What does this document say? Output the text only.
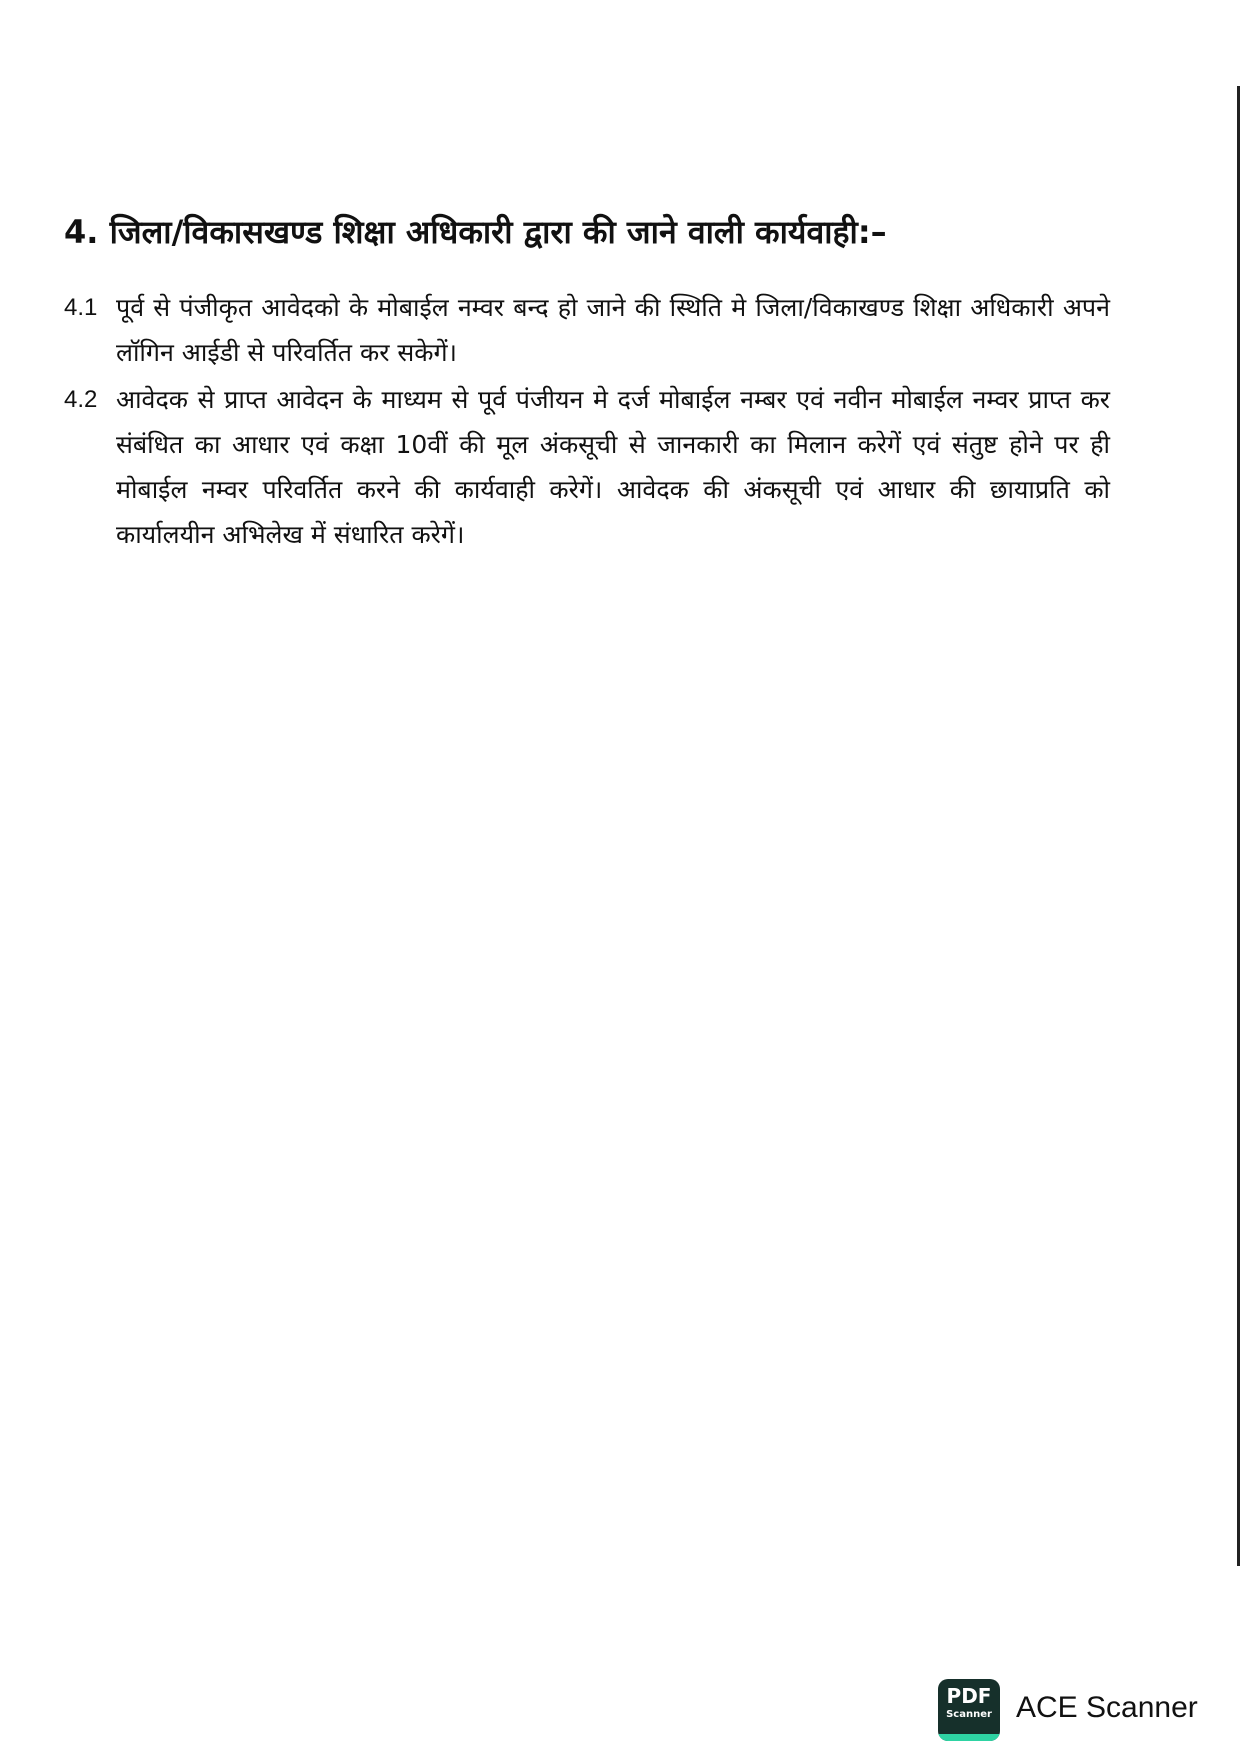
4. जिला/विकासखण्ड शिक्षा अधिकारी द्वारा की जाने वाली कार्यवाही:–
4.1 पूर्व से पंजीकृत आवेदको के मोबाईल नम्वर बन्द हो जाने की स्थिति मे जिला/विकाखण्ड शिक्षा अधिकारी अपने लॉगिन आईडी से परिवर्तित कर सकेगें।
4.2 आवेदक से प्राप्त आवेदन के माध्यम से पूर्व पंजीयन मे दर्ज मोबाईल नम्बर एवं नवीन मोबाईल नम्वर प्राप्त कर संबंधित का आधार एवं कक्षा 10वीं की मूल अंकसूची से जानकारी का मिलान करेगें एवं संतुष्ट होने पर ही मोबाईल नम्वर परिवर्तित करने की कार्यवाही करेगें। आवेदक की अंकसूची एवं आधार की छायाप्रति को कार्यालयीन अभिलेख में संधारित करेगें।
PDF
Scanner ACE Scanner
